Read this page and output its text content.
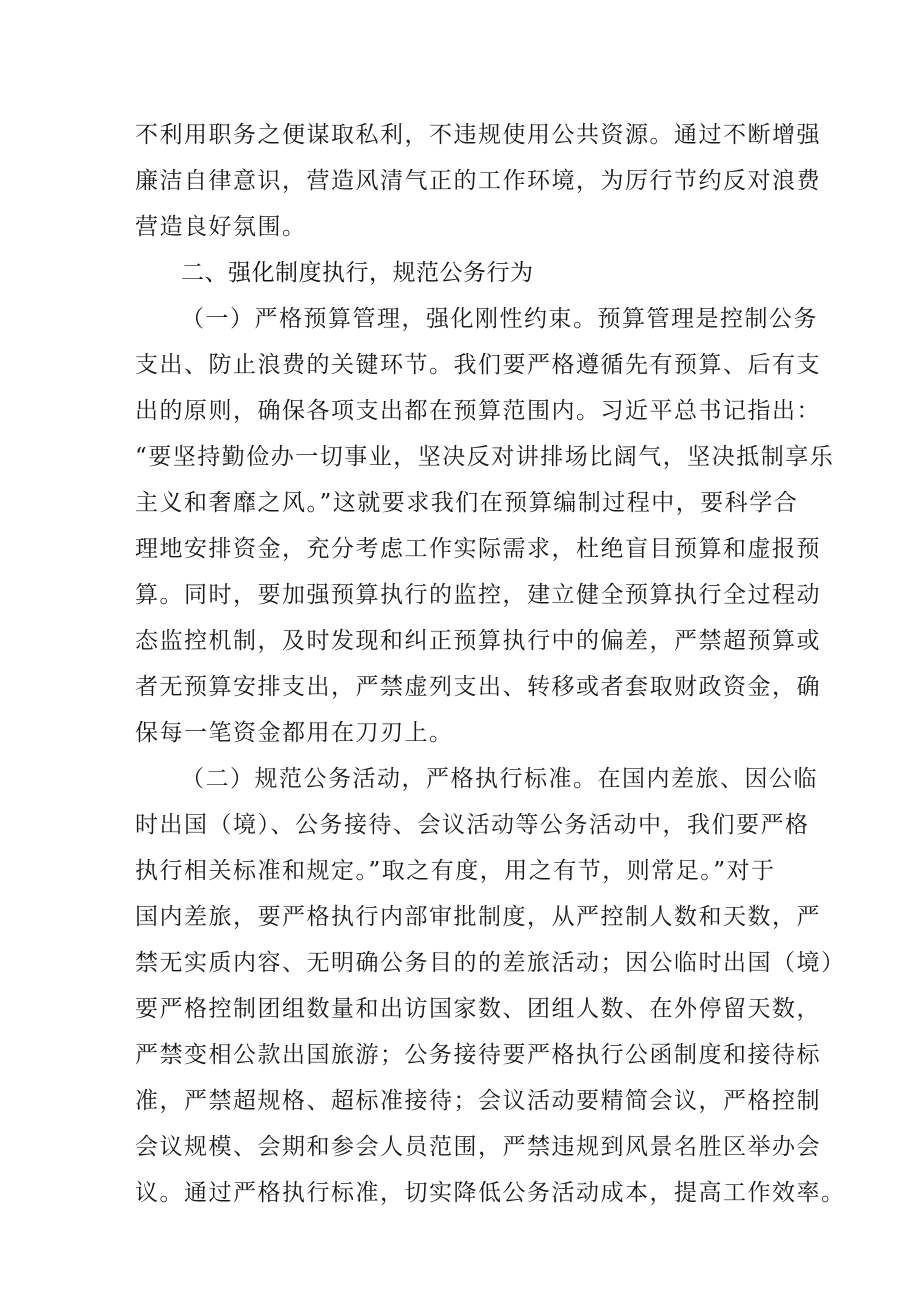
不利用职务之便谋取私利，不违规使用公共资源。通过不断增强
廉洁自律意识，营造风清气正的工作环境，为厉行节约反对浪费
营造良好氛围。
二、强化制度执行，规范公务行为
（一）严格预算管理，强化刚性约束。预算管理是控制公务
支出、防止浪费的关键环节。我们要严格遵循先有预算、后有支
出的原则，确保各项支出都在预算范围内。习近平总书记指出：
“要坚持勤俭办一切事业，坚决反对讲排场比阔气，坚决抵制享乐
主义和奢靡之风。”这就要求我们在预算编制过程中，要科学合
理地安排资金，充分考虑工作实际需求，杜绝盲目预算和虚报预
算。同时，要加强预算执行的监控，建立健全预算执行全过程动
态监控机制，及时发现和纠正预算执行中的偏差，严禁超预算或
者无预算安排支出，严禁虚列支出、转移或者套取财政资金，确
保每一笔资金都用在刀刃上。
（二）规范公务活动，严格执行标准。在国内差旅、因公临
时出国（境）、公务接待、会议活动等公务活动中，我们要严格
执行相关标准和规定。”取之有度，用之有节，则常足。”对于
国内差旅，要严格执行内部审批制度，从严控制人数和天数，严
禁无实质内容、无明确公务目的的差旅活动；因公临时出国（境）
要严格控制团组数量和出访国家数、团组人数、在外停留天数，
严禁变相公款出国旅游；公务接待要严格执行公函制度和接待标
准，严禁超规格、超标准接待；会议活动要精简会议，严格控制
会议规模、会期和参会人员范围，严禁违规到风景名胜区举办会
议。通过严格执行标准，切实降低公务活动成本，提高工作效率。
